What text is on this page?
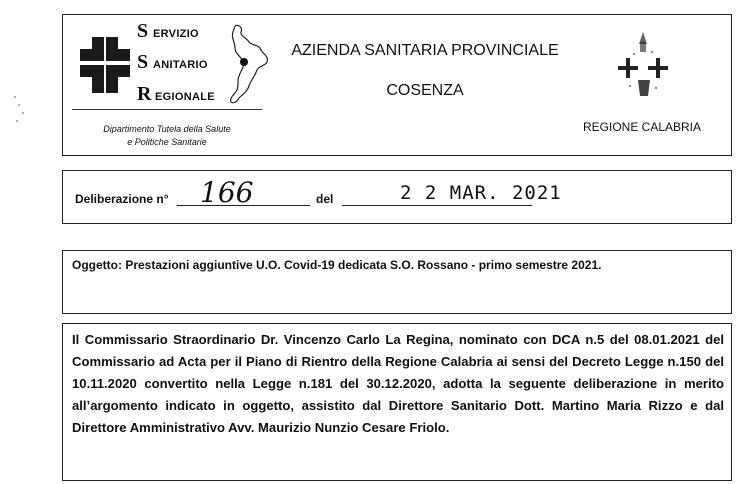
S ERVIZIO
S ANITARIO
R EGIONALE
AZIENDA SANITARIA PROVINCIALE
COSENZA
REGIONE CALABRIA
Dipartimento Tutela della Salute
e Politiche Sanitarie
Deliberazione n° 166	del	2 2 MAR. 2021
Oggetto: Prestazioni aggiuntive U.O. Covid-19 dedicata S.O. Rossano - primo semestre 2021.
Il Commissario Straordinario Dr. Vincenzo Carlo La Regina, nominato con DCA n.5 del 08.01.2021 del Commissario ad Acta per il Piano di Rientro della Regione Calabria ai sensi del Decreto Legge n.150 del 10.11.2020 convertito nella Legge n.181 del 30.12.2020, adotta la seguente deliberazione in merito all’argomento indicato in oggetto, assistito dal Direttore Sanitario Dott. Martino Maria Rizzo e dal Direttore Amministrativo Avv. Maurizio Nunzio Cesare Friolo.
